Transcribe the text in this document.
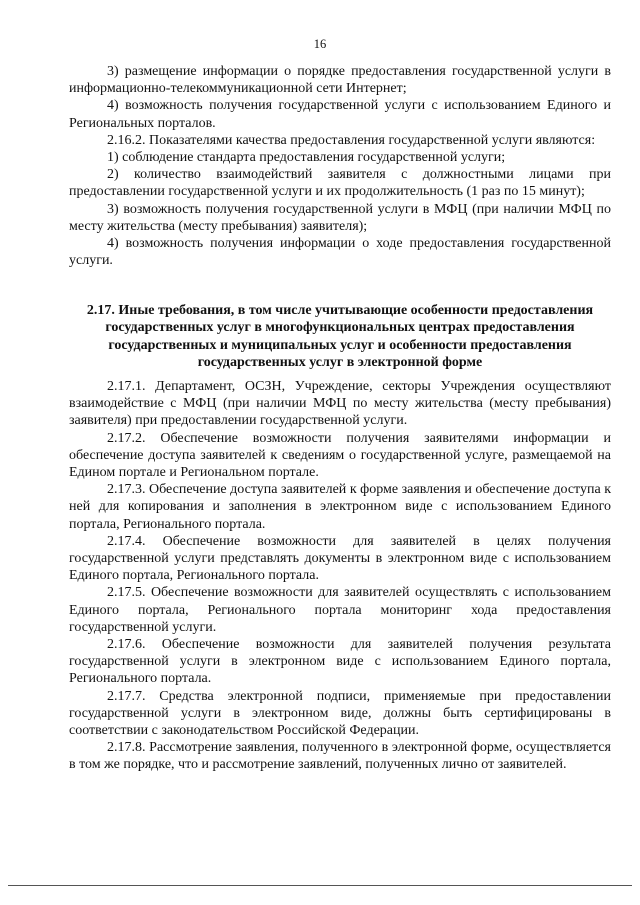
16

3) размещение информации о порядке предоставления государственной услуги в информационно-телекоммуникационной сети Интернет;

4) возможность получения государственной услуги с использованием Единого и Региональных порталов.

2.16.2. Показателями качества предоставления государственной услуги являются:

1) соблюдение стандарта предоставления государственной услуги;

2) количество взаимодействий заявителя с должностными лицами при предоставлении государственной услуги и их продолжительность (1 раз по 15 минут);

3) возможность получения государственной услуги в МФЦ (при наличии МФЦ по месту жительства (месту пребывания) заявителя);

4) возможность получения информации о ходе предоставления государственной услуги.

2.17. Иные требования, в том числе учитывающие особенности предоставления государственных услуг в многофункциональных центрах предоставления государственных и муниципальных услуг и особенности предоставления государственных услуг в электронной форме

2.17.1. Департамент, ОСЗН, Учреждение, секторы Учреждения осуществляют взаимодействие с МФЦ (при наличии МФЦ по месту жительства (месту пребывания) заявителя) при предоставлении государственной услуги.

2.17.2. Обеспечение возможности получения заявителями информации и обеспечение доступа заявителей к сведениям о государственной услуге, размещаемой на Едином портале и Региональном портале.

2.17.3. Обеспечение доступа заявителей к форме заявления и обеспечение доступа к ней для копирования и заполнения в электронном виде с использованием Единого портала, Регионального портала.

2.17.4. Обеспечение возможности для заявителей в целях получения государственной услуги представлять документы в электронном виде с использованием Единого портала, Регионального портала.

2.17.5. Обеспечение возможности для заявителей осуществлять с использованием Единого портала, Регионального портала мониторинг хода предоставления государственной услуги.

2.17.6. Обеспечение возможности для заявителей получения результата государственной услуги в электронном виде с использованием Единого портала, Регионального портала.

2.17.7. Средства электронной подписи, применяемые при предоставлении государственной услуги в электронном виде, должны быть сертифицированы в соответствии с законодательством Российской Федерации.

2.17.8. Рассмотрение заявления, полученного в электронной форме, осуществляется в том же порядке, что и рассмотрение заявлений, полученных лично от заявителей.
